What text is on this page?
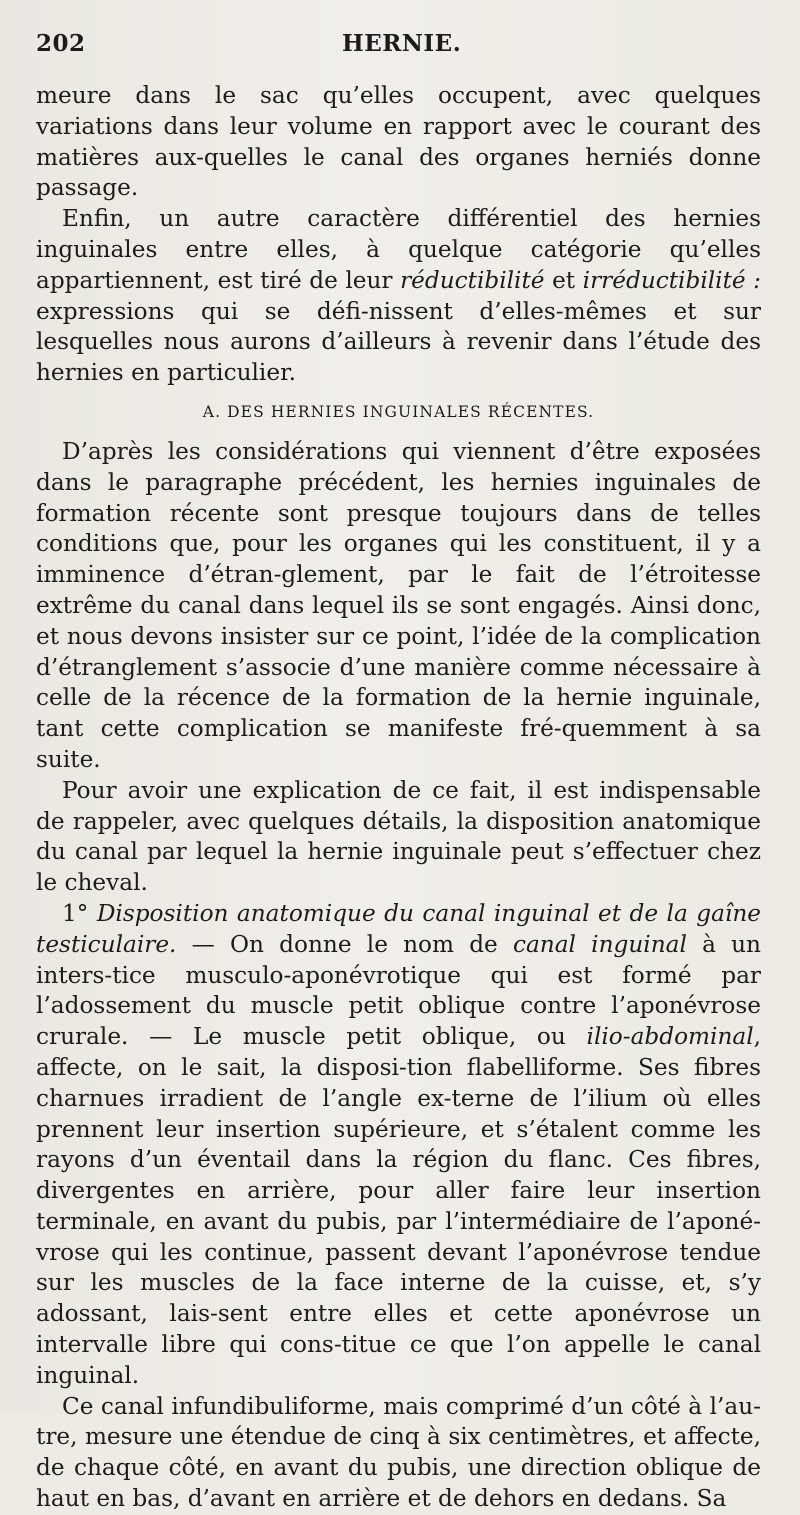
202	HERNIE.

meure dans le sac qu’elles occupent, avec quelques variations dans leur volume en rapport avec le courant des matières aux-quelles le canal des organes herniés donne passage.

Enfin, un autre caractère différentiel des hernies inguinales entre elles, à quelque catégorie qu’elles appartiennent, est tiré de leur réductibilité et irréductibilité : expressions qui se défi-nissent d’elles-mêmes et sur lesquelles nous aurons d’ailleurs à revenir dans l’étude des hernies en particulier.

A. DES HERNIES INGUINALES RÉCENTES.

D’après les considérations qui viennent d’être exposées dans le paragraphe précédent, les hernies inguinales de formation récente sont presque toujours dans de telles conditions que, pour les organes qui les constituent, il y a imminence d’étran-glement, par le fait de l’étroitesse extrême du canal dans lequel ils se sont engagés. Ainsi donc, et nous devons insister sur ce point, l’idée de la complication d’étranglement s’associe d’une manière comme nécessaire à celle de la récence de la formation de la hernie inguinale, tant cette complication se manifeste fré-quemment à sa suite.

Pour avoir une explication de ce fait, il est indispensable de rappeler, avec quelques détails, la disposition anatomique du canal par lequel la hernie inguinale peut s’effectuer chez le cheval.

1° Disposition anatomique du canal inguinal et de la gaîne testiculaire. — On donne le nom de canal inguinal à un inters-tice musculo-aponévrotique qui est formé par l’adossement du muscle petit oblique contre l’aponévrose crurale. — Le muscle petit oblique, ou ilio-abdominal, affecte, on le sait, la disposi-tion flabelliforme. Ses fibres charnues irradient de l’angle ex-terne de l’ilium où elles prennent leur insertion supérieure, et s’étalent comme les rayons d’un éventail dans la région du flanc. Ces fibres, divergentes en arrière, pour aller faire leur insertion terminale, en avant du pubis, par l’intermédiaire de l’aponé-vrose qui les continue, passent devant l’aponévrose tendue sur les muscles de la face interne de la cuisse, et, s’y adossant, lais-sent entre elles et cette aponévrose un intervalle libre qui cons-titue ce que l’on appelle le canal inguinal.

Ce canal infundibuliforme, mais comprimé d’un côté à l’au-tre, mesure une étendue de cinq à six centimètres, et affecte, de chaque côté, en avant du pubis, une direction oblique de haut en bas, d’avant en arrière et de dehors en dedans. Sa
